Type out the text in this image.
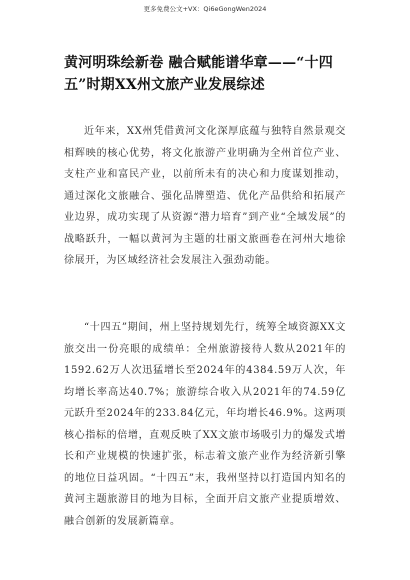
更多免费公文+VX：Qi6eGongWen2024
黄河明珠绘新卷 融合赋能谱华章——“十四五”时期XX州文旅产业发展综述

近年来，XX州凭借黄河文化深厚底蕴与独特自然景观交相辉映的核心优势，将文化旅游产业明确为全州首位产业、支柱产业和富民产业，以前所未有的决心和力度谋划推动，通过深化文旅融合、强化品牌塑造、优化产品供给和拓展产业边界，成功实现了从资源“潜力培育”到产业“全域发展”的战略跃升，一幅以黄河为主题的壮丽文旅画卷在河州大地徐徐展开，为区域经济社会发展注入强劲动能。

“十四五”期间，州上坚持规划先行，统筹全域资源XX文旅交出一份亮眼的成绩单：全州旅游接待人数从2021年的1592.62万人次迅猛增长至2024年的4384.59万人次，年均增长率高达40.7%；旅游综合收入从2021年的74.59亿元跃升至2024年的233.84亿元，年均增长46.9%。这两项核心指标的倍增，直观反映了XX文旅市场吸引力的爆发式增长和产业规模的快速扩张，标志着文旅产业作为经济新引擎的地位日益巩固。“十四五”末，我州坚持以打造国内知名的黄河主题旅游目的地为目标，全面开启文旅产业提质增效、融合创新的发展新篇章。
